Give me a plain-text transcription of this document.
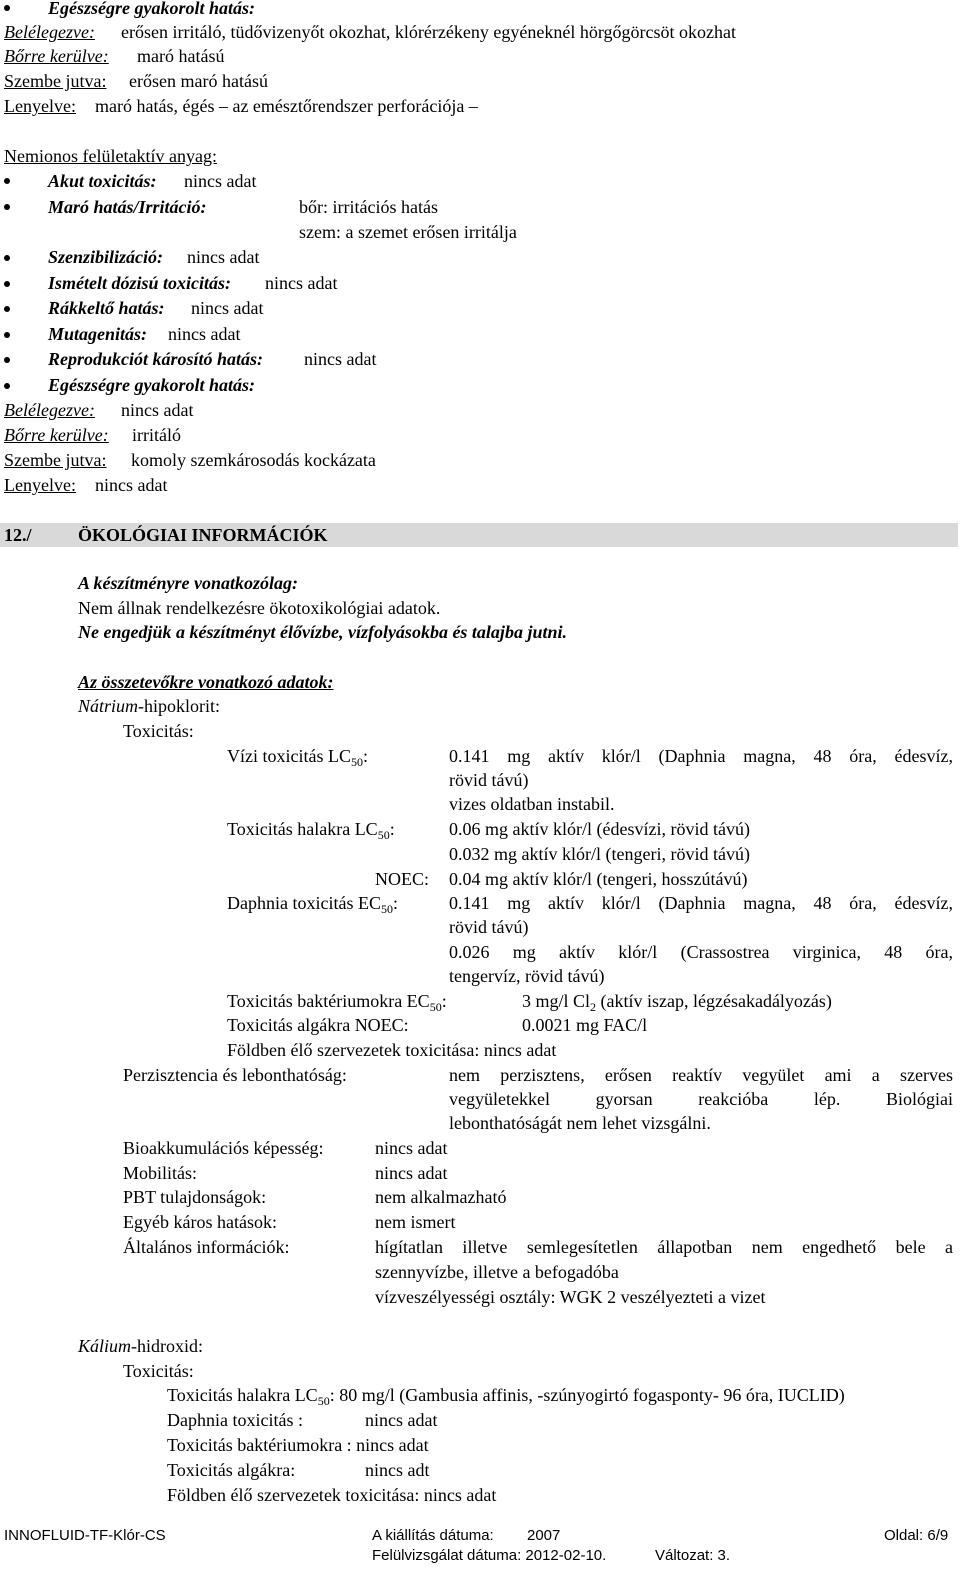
Egészségre gyakorolt hatás:
Belélegezve: erősen irritáló, tüdővizenyőt okozhat, klórérzékeny egyéneknél hörgőgörcsöt okozhat
Bőrre kerülve: maró hatású
Szembe jutva: erősen maró hatású
Lenyelve: maró hatás, égés – az emésztőrendszer perforációja –
Nemionos felületaktív anyag:
Akut toxicitás: nincs adat
Maró hatás/Irritáció:	bőr: irritációs hatás
szem: a szemet erősen irritálja
Szenzibilizáció: nincs adat
Ismételt dózisú toxicitás: nincs adat
Rákkeltő hatás: nincs adat
Mutagenitás: nincs adat
Reprodukciót károsító hatás: nincs adat
Egészségre gyakorolt hatás:
Belélegezve: nincs adat
Bőrre kerülve: irritáló
Szembe jutva: komoly szemkárosodás kockázata
Lenyelve: nincs adat
12./	ÖKOLÓGIAI INFORMÁCIÓK
A készítményre vonatkozólag:
Nem állnak rendelkezésre ökotoxikológiai adatok.
Ne engedjük a készítményt élővízbe, vízfolyásokba és talajba jutni.
Az összetevőkre vonatkozó adatok:
Nátrium-hipoklorit:
Toxicitás:
Vízi toxicitás $LC_{50}$:	0.141 mg aktív klór/l (Daphnia magna, 48 óra, édesvíz,
rövid távú)
vizes oldatban instabil.
Toxicitás halakra $LC_{50}$:	0.06 mg aktív klór/l (édesvízi, rövid távú)
0.032 mg aktív klór/l (tengeri, rövid távú)
NOEC: 0.04 mg aktív klór/l (tengeri, hosszútávú)
Daphnia toxicitás $EC_{50}$:	0.141 mg aktív klór/l (Daphnia magna, 48 óra, édesvíz,
rövid távú)
0.026 mg aktív klór/l (Crassostrea virginica, 48 óra,
tengervíz, rövid távú)
Toxicitás baktériumokra $EC_{50}$:	3 mg/l $Cl_2$ (aktív iszap, légzésakadályozás)
Toxicitás algákra NOEC:	0.0021 mg FAC/l
Földben élő szervezetek toxicitása: nincs adat
Perzisztencia és lebonthatóság:	nem perzisztens, erősen reaktív vegyület ami a szerves
vegyületekkel gyorsan reakcióba lép. Biológiai
lebonthatóságát nem lehet vizsgálni.
Bioakkumulációs képesség:	nincs adat
Mobilitás:	nincs adat
PBT tulajdonságok:	nem alkalmazható
Egyéb káros hatások:	nem ismert
Általános információk:	hígítatlan illetve semlegesítetlen állapotban nem engedhető bele a
szennyvízbe, illetve a befogadóba
vízveszélyességi osztály: WGK 2 veszélyezteti a vizet
Kálium-hidroxid:
Toxicitás:
Toxicitás halakra $LC_{50}$: 80 mg/l (Gambusia affinis, -szúnyogirtó fogasponty- 96 óra, IUCLID)
Daphnia toxicitás :	nincs adat
Toxicitás baktériumokra : nincs adat
Toxicitás algákra:	nincs adt
Földben élő szervezetek toxicitása: nincs adat
INNOFLUID-TF-Klór-CS	A kiállítás dátuma: 2007	Oldal: 6/9
Felülvizsgálat dátuma: 2012-02-10.	Változat: 3.
